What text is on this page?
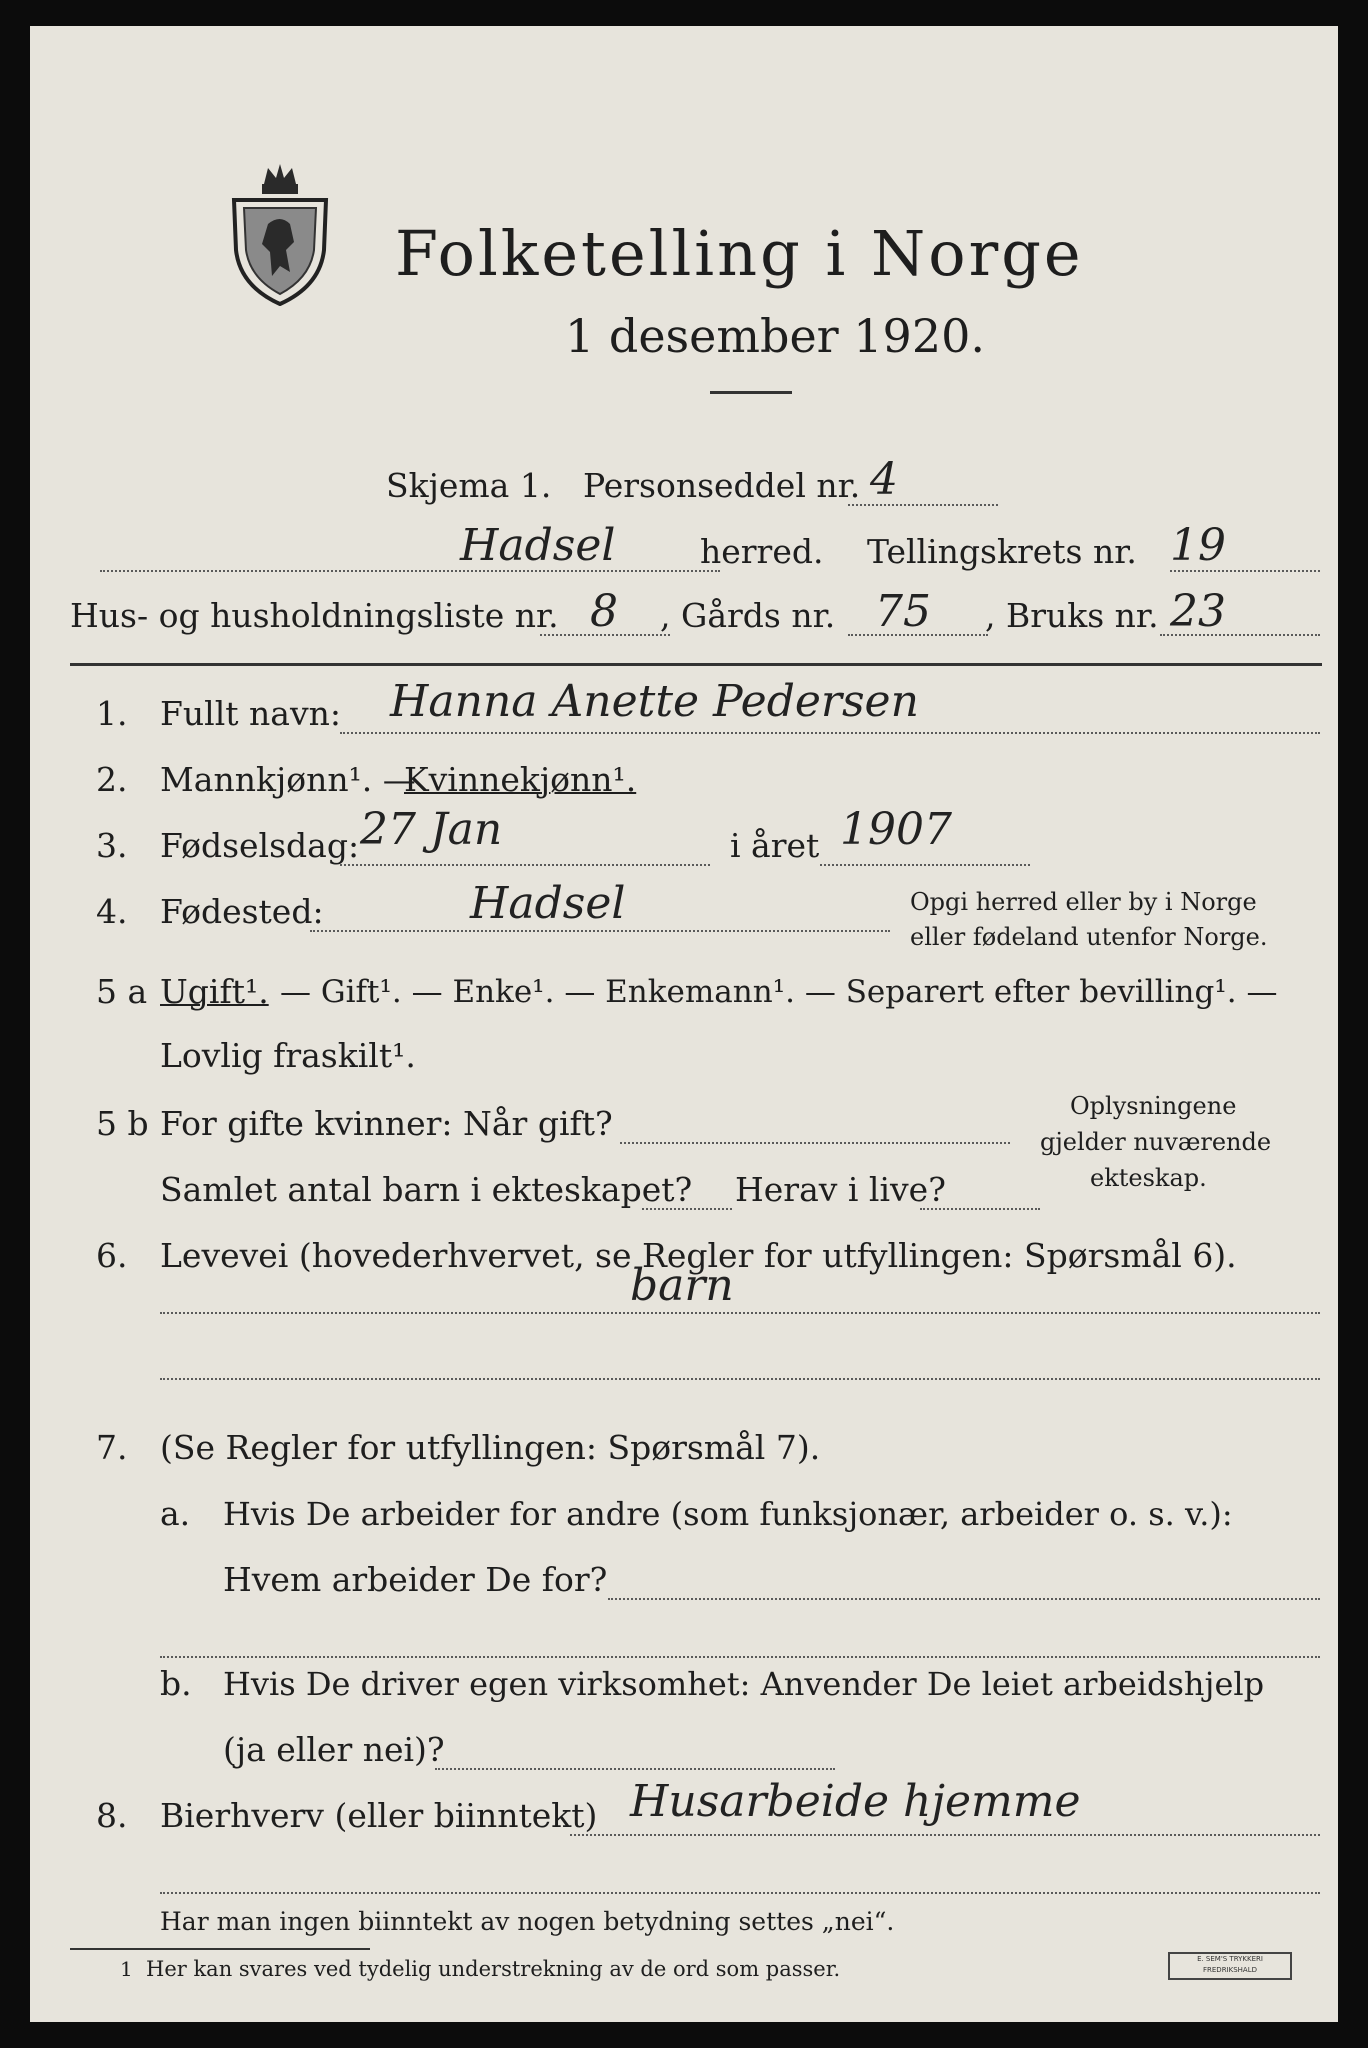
Folketelling i Norge
1 desember 1920.
Skjema 1. Personseddel nr. 4
Hadsel	herred. Tellingskrets nr. 19
Hus- og husholdningsliste nr. 8 , Gårds nr. 75 , Bruks nr. 23
1. Fullt navn: Hanna Anette Pedersen
2. Mannkjønn¹. —
Kvinnekjønn¹.
3. Fødselsdag: 27 Jan	i året 1907
4. Fødested:	Hadsel	Opgi herred eller by i Norge
eller fødeland utenfor Norge.
5 a Ugift¹. — Gift¹. — Enke¹. — Enkemann¹. — Separert efter bevilling¹. —
Lovlig fraskilt¹.
5 b For gifte kvinner: Når gift?
Samlet antal barn i ekteskapet? Herav i live?
Oplysningene
gjelder nuværende
ekteskap.
6. Levevei (hovederhvervet, se Regler for utfyllingen: Spørsmål 6).
barn
7. (Se Regler for utfyllingen: Spørsmål 7).
a. Hvis De arbeider for andre (som funksjonær, arbeider o. s. v.):
Hvem arbeider De for?
b. Hvis De driver egen virksomhet: Anvender De leiet arbeidshjelp
(ja eller nei)?
8. Bierhverv (eller biinntekt) Husarbeide hjemme
Har man ingen biinntekt av nogen betydning settes „nei“.
1 Her kan svares ved tydelig understrekning av de ord som passer.	E. SEM'S TRYKKERI FREDRIKSHALD
